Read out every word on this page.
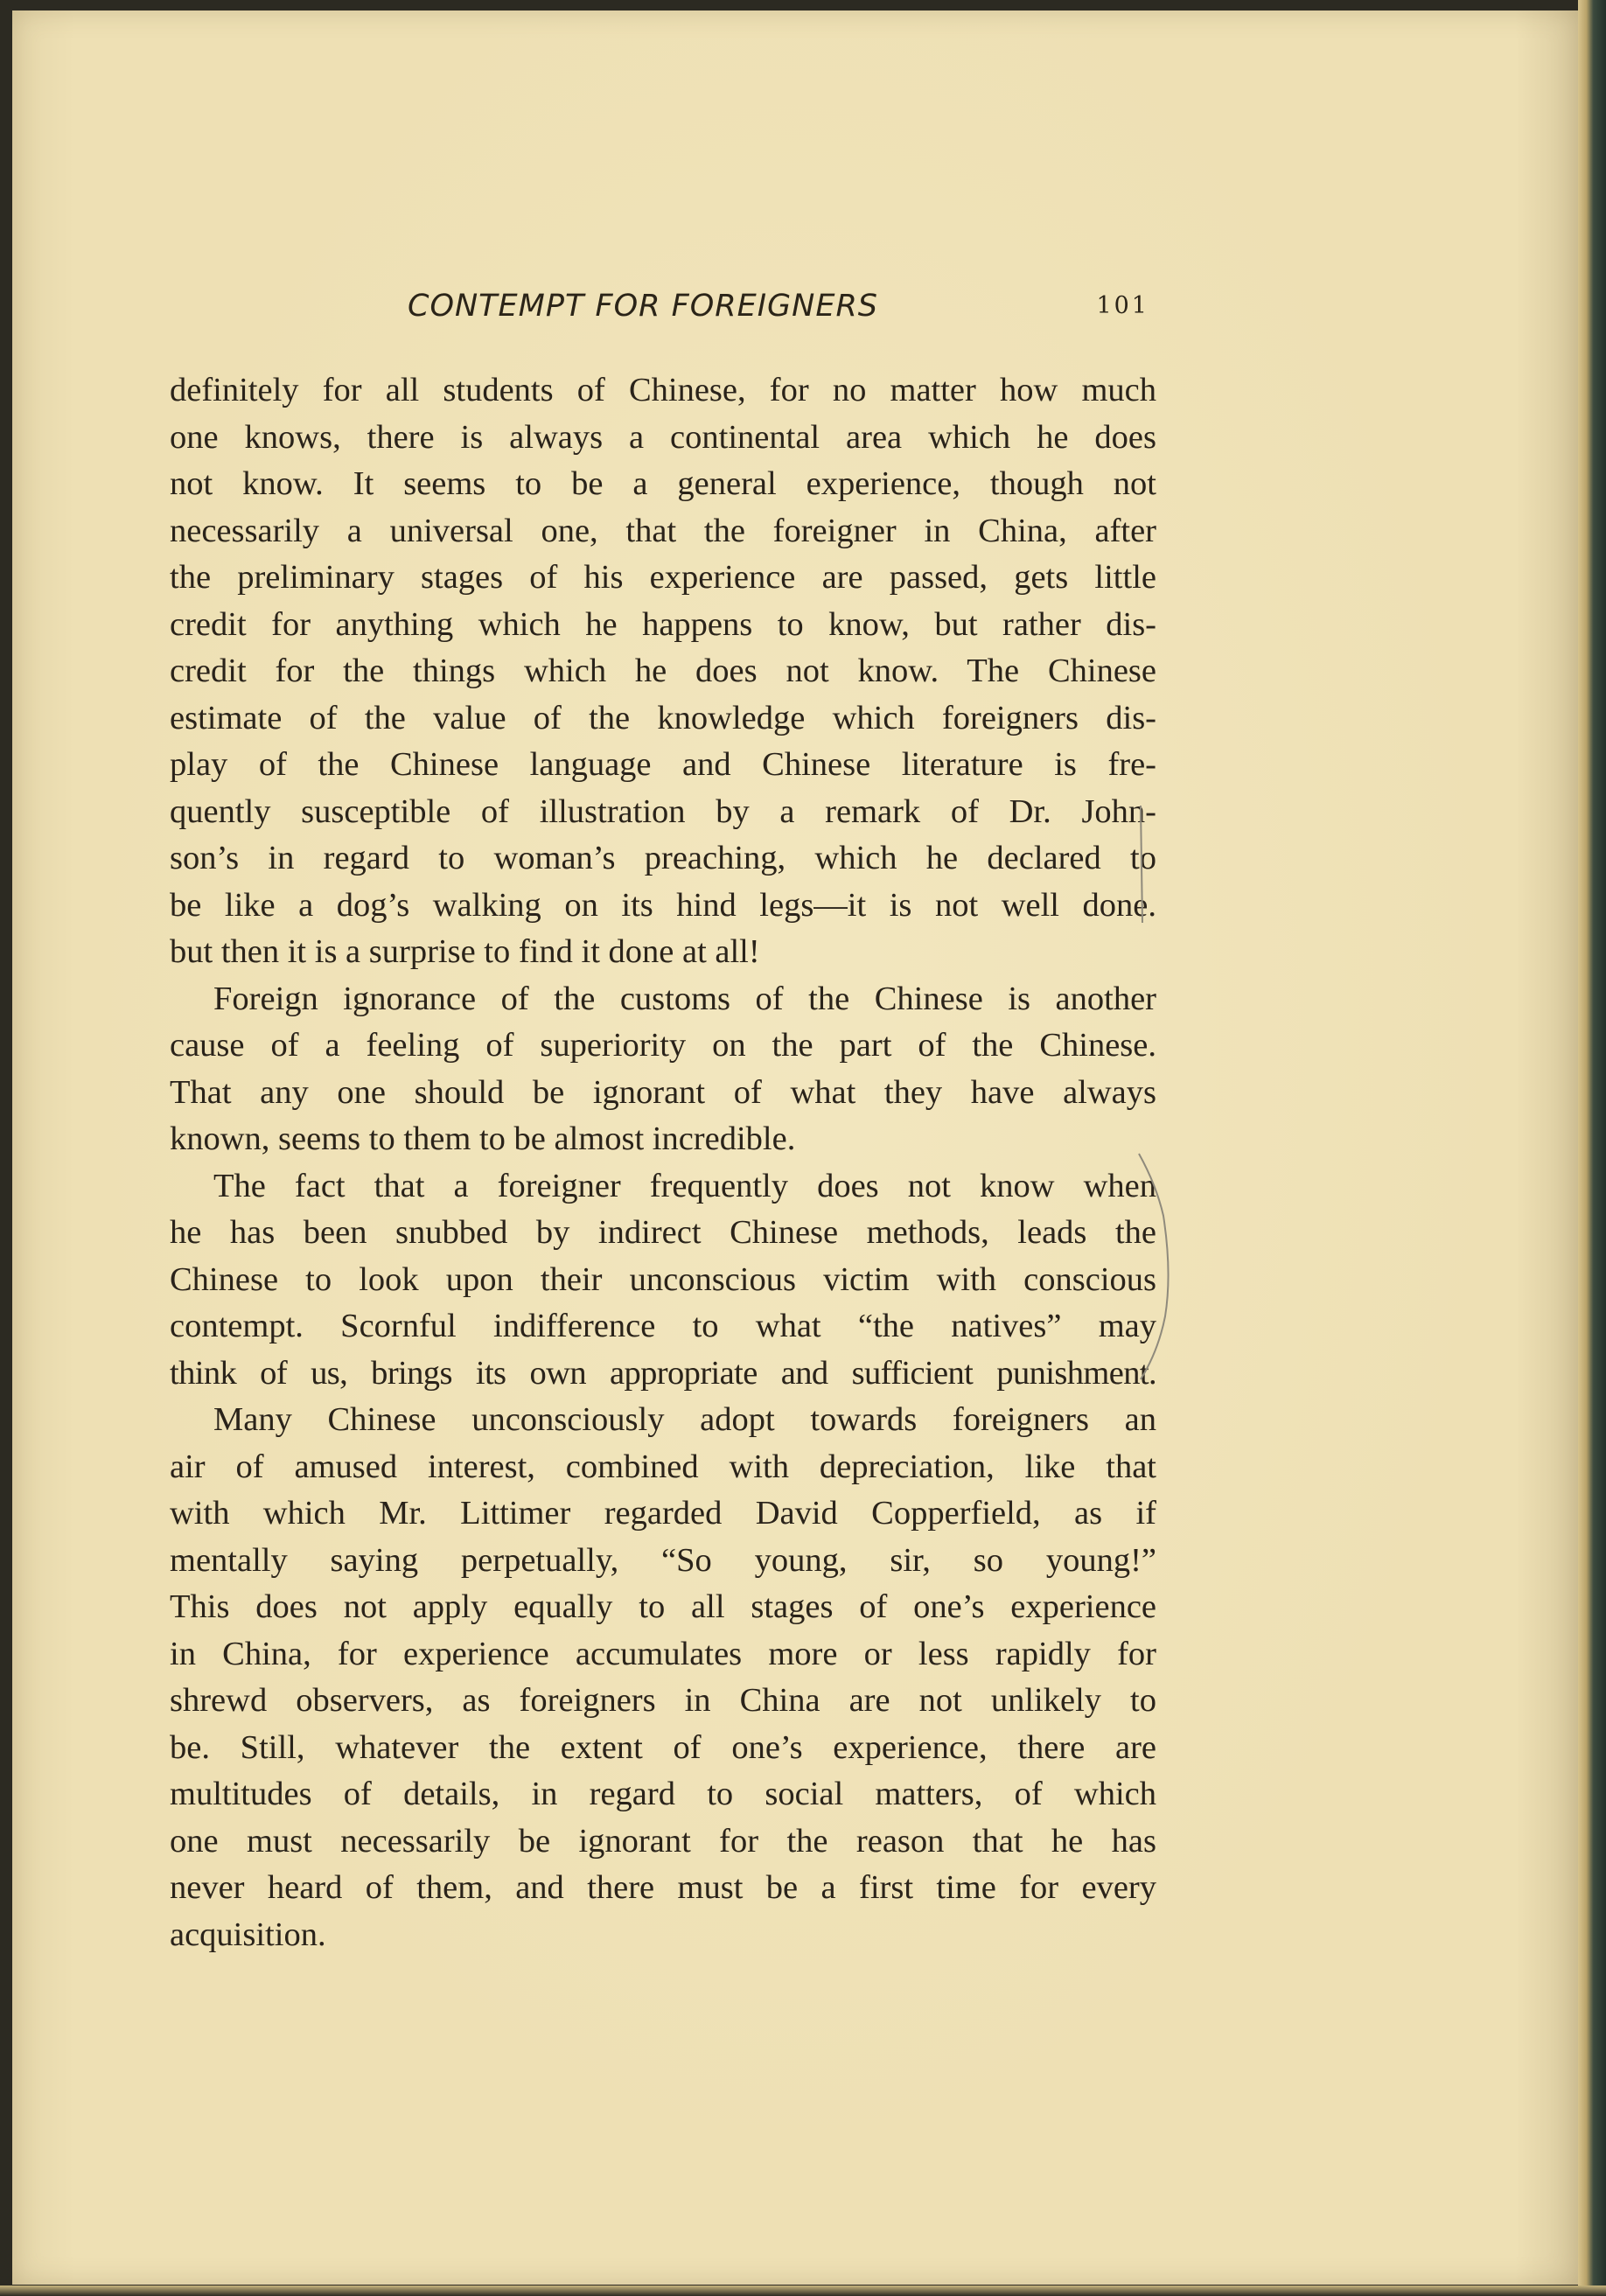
CONTEMPT FOR FOREIGNERS	101
definitely for all students of Chinese, for no matter how much
one knows, there is always a continental area which he does
not know. It seems to be a general experience, though not
necessarily a universal one, that the foreigner in China, after
the preliminary stages of his experience are passed, gets little
credit for anything which he happens to know, but rather dis-
credit for the things which he does not know. The Chinese
estimate of the value of the knowledge which foreigners dis-
play of the Chinese language and Chinese literature is fre-
quently susceptible of illustration by a remark of Dr. John-
son’s in regard to woman’s preaching, which he declared to
be like a dog’s walking on its hind legs—it is not well done.
but then it is a surprise to find it done at all!
Foreign ignorance of the customs of the Chinese is another
cause of a feeling of superiority on the part of the Chinese.
That any one should be ignorant of what they have always
known, seems to them to be almost incredible.
The fact that a foreigner frequently does not know when
he has been snubbed by indirect Chinese methods, leads the
Chinese to look upon their unconscious victim with conscious
contempt. Scornful indifference to what “the natives” may
think of us, brings its own appropriate and sufficient punishment.
Many Chinese unconsciously adopt towards foreigners an
air of amused interest, combined with depreciation, like that
with which Mr. Littimer regarded David Copperfield, as if
mentally saying perpetually, “So young, sir, so young!”
This does not apply equally to all stages of one’s experience
in China, for experience accumulates more or less rapidly for
shrewd observers, as foreigners in China are not unlikely to
be. Still, whatever the extent of one’s experience, there are
multitudes of details, in regard to social matters, of which
one must necessarily be ignorant for the reason that he has
never heard of them, and there must be a first time for every
acquisition.
